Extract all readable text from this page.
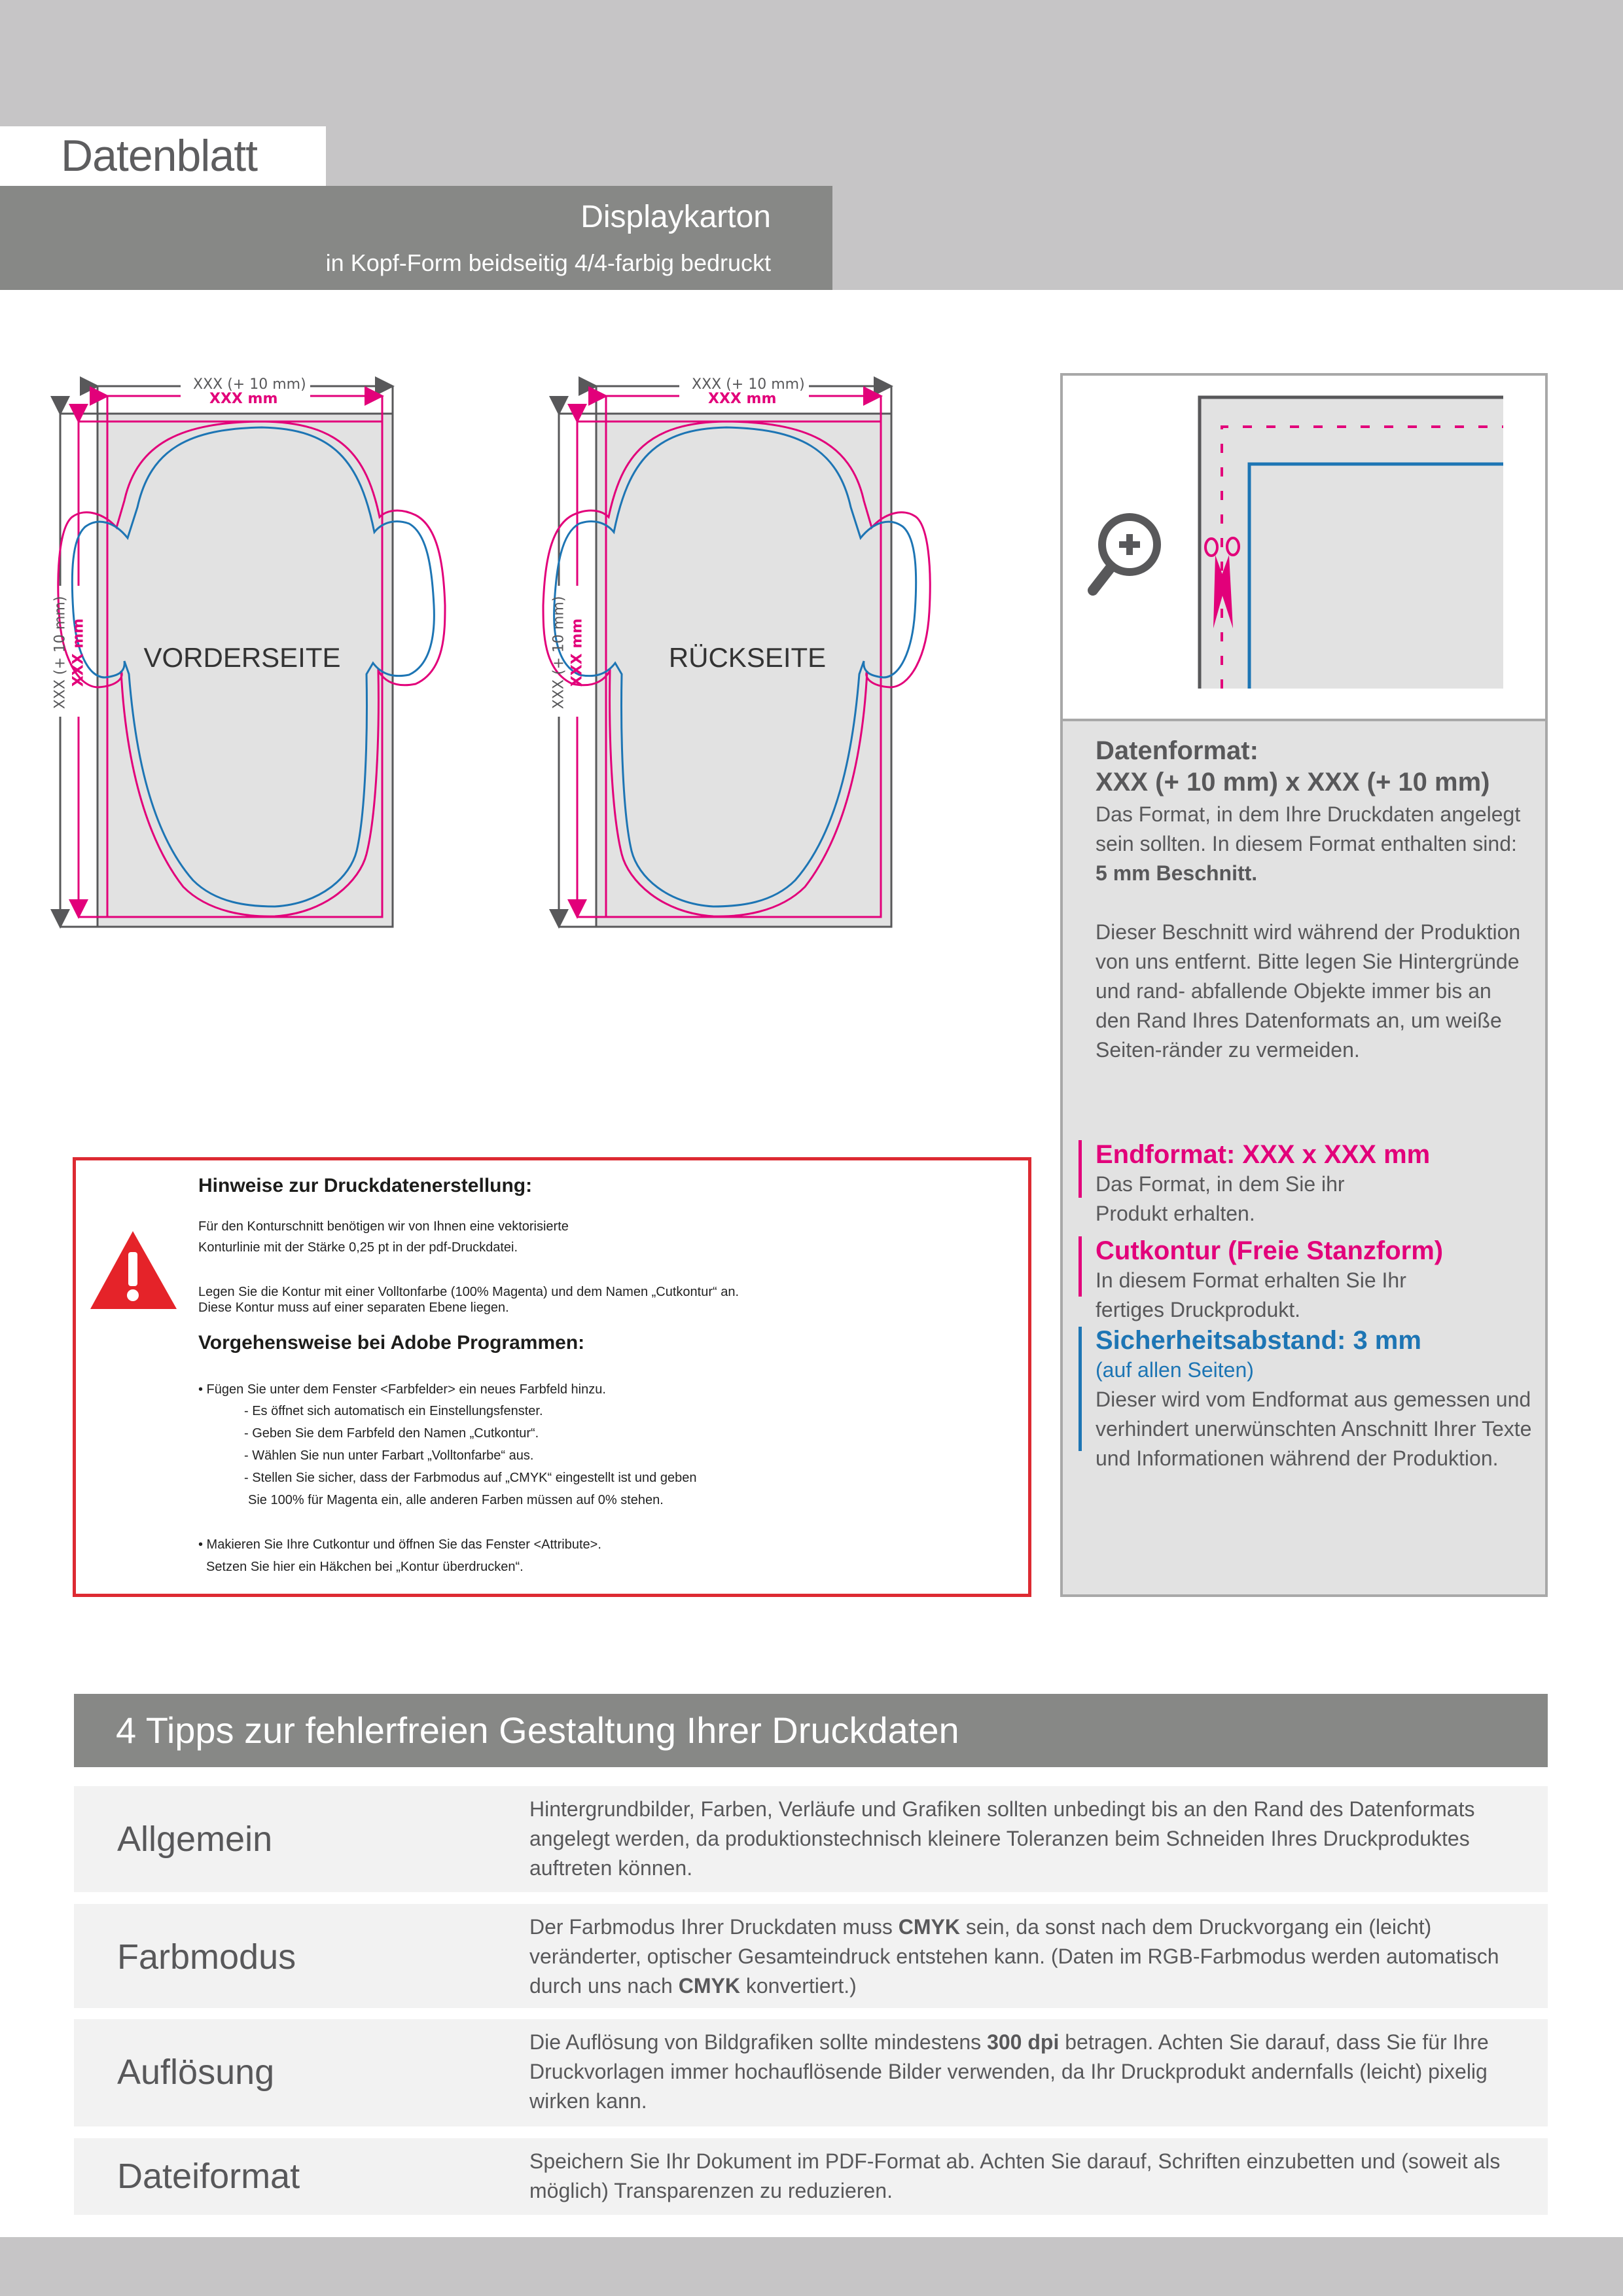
Datenblatt
Displaykarton
in Kopf-Form beidseitig 4/4-farbig bedruckt
VORDERSEITE
XXX (+ 10 mm)
XXX mm
XXX (+ 10 mm) XXX mm	RÜCKSEITE
XXX (+ 10 mm)
XXX mm
XXX (+ 10 mm) XXX mm
Datenformat:
XXX (+ 10 mm) x XXX (+ 10 mm)
Das Format, in dem Ihre Druckdaten angelegt sein sollten. In diesem Format enthalten sind: 5 mm Beschnitt.
Dieser Beschnitt wird während der Produktion von uns entfernt. Bitte legen Sie Hintergründe und rand- abfallende Objekte immer bis an den Rand Ihres Datenformats an, um weiße Seiten-ränder zu vermeiden.
Endformat: XXX x XXX mm
Das Format, in dem Sie ihr Produkt erhalten.
Cutkontur (Freie Stanzform)
In diesem Format erhalten Sie Ihr fertiges Druckprodukt.
Sicherheitsabstand: 3 mm
(auf allen Seiten)
Dieser wird vom Endformat aus gemessen und verhindert unerwünschten Anschnitt Ihrer Texte und Informationen während der Produktion.
Hinweise zur Druckdatenerstellung:
Für den Konturschnitt benötigen wir von Ihnen eine vektorisierte
Konturlinie mit der Stärke 0,25 pt in der pdf-Druckdatei.
Legen Sie die Kontur mit einer Volltonfarbe (100% Magenta) und dem Namen „Cutkontur“ an.
Diese Kontur muss auf einer separaten Ebene liegen.
Vorgehensweise bei Adobe Programmen:
• Fügen Sie unter dem Fenster <Farbfelder> ein neues Farbfeld hinzu.
- Es öffnet sich automatisch ein Einstellungsfenster.
- Geben Sie dem Farbfeld den Namen „Cutkontur“.
- Wählen Sie nun unter Farbart „Volltonfarbe“ aus.
- Stellen Sie sicher, dass der Farbmodus auf „CMYK“ eingestellt ist und geben
Sie 100% für Magenta ein, alle anderen Farben müssen auf 0% stehen.
• Makieren Sie Ihre Cutkontur und öffnen Sie das Fenster <Attribute>.
Setzen Sie hier ein Häkchen bei „Kontur überdrucken“.
4 Tipps zur fehlerfreien Gestaltung Ihrer Druckdaten
Allgemein
Hintergrundbilder, Farben, Verläufe und Grafiken sollten unbedingt bis an den Rand des Datenformats angelegt werden, da produktionstechnisch kleinere Toleranzen beim Schneiden Ihres Druckproduktes auftreten können.
Farbmodus
Der Farbmodus Ihrer Druckdaten muss CMYK sein, da sonst nach dem Druckvorgang ein (leicht) veränderter, optischer Gesamteindruck entstehen kann. (Daten im RGB-Farbmodus werden automatisch durch uns nach CMYK konvertiert.)
Auflösung
Die Auflösung von Bildgrafiken sollte mindestens 300 dpi betragen. Achten Sie darauf, dass Sie für Ihre Druckvorlagen immer hochauflösende Bilder verwenden, da Ihr Druckprodukt andernfalls (leicht) pixelig wirken kann.
Dateiformat	Speichern Sie Ihr Dokument im PDF-Format ab. Achten Sie darauf, Schriften einzubetten und (soweit als möglich) Transparenzen zu reduzieren.
